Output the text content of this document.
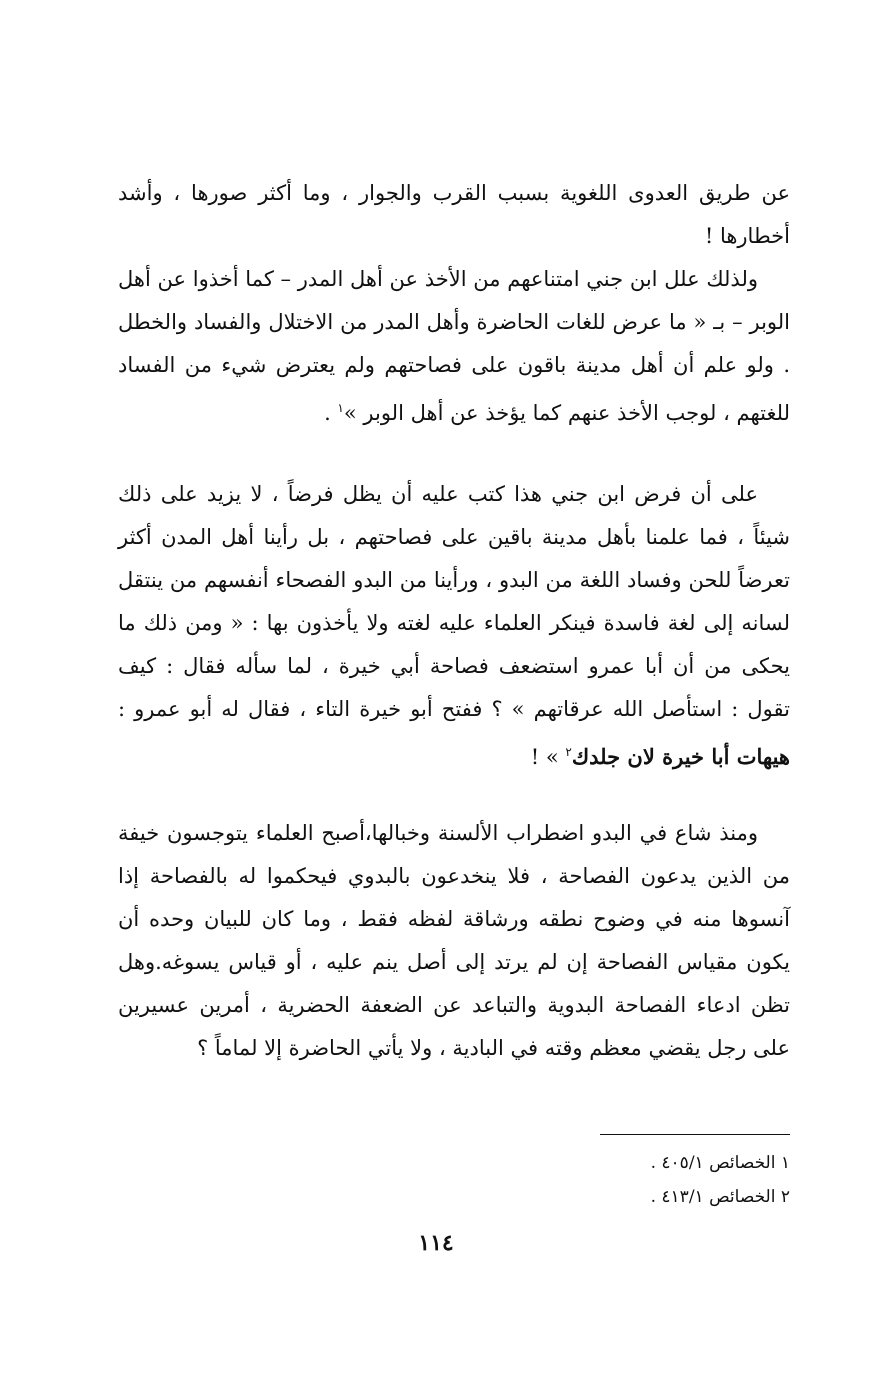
عن طريق العدوى اللغوية بسبب القرب والجوار ، وما أكثر صورها ، وأشد أخطارها !

ولذلك علل ابن جني امتناعهم من الأخذ عن أهل المدر – كما أخذوا عن أهل الوبر – بـ « ما عرض للغات الحاضرة وأهل المدر من الاختلال والفساد والخطل . ولو علم أن أهل مدينة باقون على فصاحتهم ولم يعترض شيء من الفساد للغتهم ، لوجب الأخذ عنهم كما يؤخذ عن أهل الوبر »$^١$ .

على أن فرض ابن جني هذا كتب عليه أن يظل فرضاً ، لا يزيد على ذلك شيئاً ، فما علمنا بأهل مدينة باقين على فصاحتهم ، بل رأينا أهل المدن أكثر تعرضاً للحن وفساد اللغة من البدو ، ورأينا من البدو الفصحاء أنفسهم من ينتقل لسانه إلى لغة فاسدة فينكر العلماء عليه لغته ولا يأخذون بها : « ومن ذلك ما يحكى من أن أبا عمرو استضعف فصاحة أبي خيرة ، لما سأله فقال : كيف تقول : استأصل الله عرقاتهم » ؟ ففتح أبو خيرة التاء ، فقال له أبو عمرو : هيهات أبا خيرة لان جلدك$^٢$ » !

ومنذ شاع في البدو اضطراب الألسنة وخبالها،أصبح العلماء يتوجسون خيفة من الذين يدعون الفصاحة ، فلا ينخدعون بالبدوي فيحكموا له بالفصاحة إذا آنسوها منه في وضوح نطقه ورشاقة لفظه فقط ، وما كان للبيان وحده أن يكون مقياس الفصاحة إن لم يرتد إلى أصل ينم عليه ، أو قياس يسوغه.وهل تظن ادعاء الفصاحة البدوية والتباعد عن الضعفة الحضرية ، أمرين عسيرين على رجل يقضي معظم وقته في البادية ، ولا يأتي الحاضرة إلا لماماً ؟

١ الخصائص ٤٠٥/١ .
٢ الخصائص ٤١٣/١ .
١١٤
